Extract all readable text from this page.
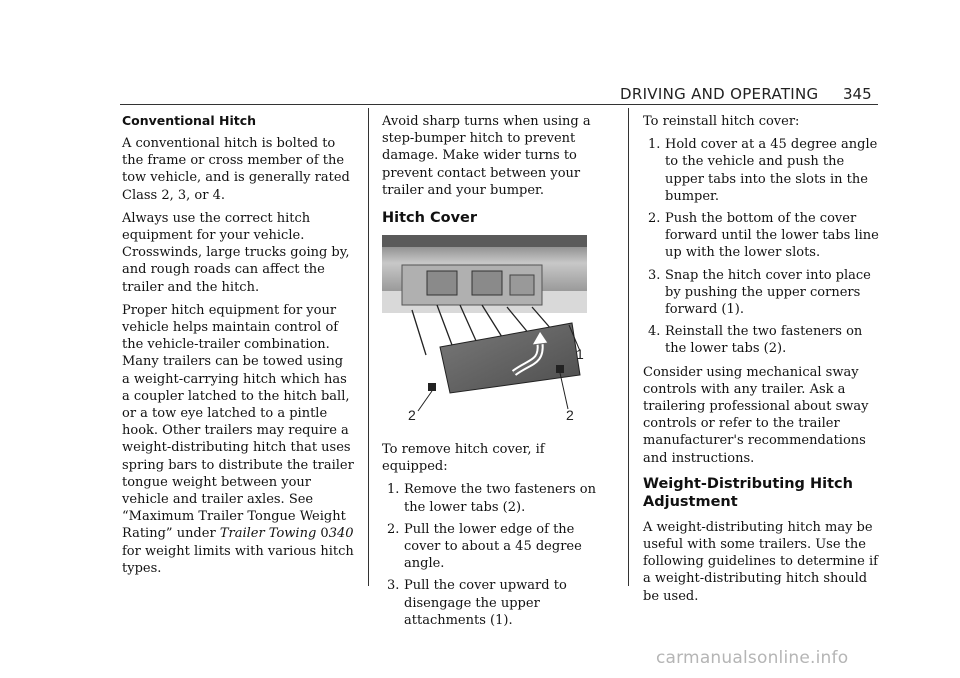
DRIVING AND OPERATING 345
Conventional Hitch

A conventional hitch is bolted to the frame or cross member of the tow vehicle, and is generally rated Class 2, 3, or 4.

Always use the correct hitch equipment for your vehicle. Crosswinds, large trucks going by, and rough roads can affect the trailer and the hitch.

Proper hitch equipment for your vehicle helps maintain control of the vehicle-trailer combination. Many trailers can be towed using a weight-carrying hitch which has a coupler latched to the hitch ball, or a tow eye latched to a pintle hook. Other trailers may require a weight-distributing hitch that uses spring bars to distribute the trailer tongue weight between your vehicle and trailer axles. See “Maximum Trailer Tongue Weight Rating” under Trailer Towing 0340 for weight limits with various hitch types.

Avoid sharp turns when using a step-bumper hitch to prevent damage. Make wider turns to prevent contact between your trailer and your bumper.

Hitch Cover
1
2	2

To remove hitch cover, if equipped:

1. Remove the two fasteners on the lower tabs (2).
2. Pull the lower edge of the cover to about a 45 degree angle.
3. Pull the cover upward to disengage the upper attachments (1).

To reinstall hitch cover:

1. Hold cover at a 45 degree angle to the vehicle and push the upper tabs into the slots in the bumper.
2. Push the bottom of the cover forward until the lower tabs line up with the lower slots.
3. Snap the hitch cover into place by pushing the upper corners forward (1).
4. Reinstall the two fasteners on the lower tabs (2).

Consider using mechanical sway controls with any trailer. Ask a trailering professional about sway controls or refer to the trailer manufacturer's recommendations and instructions.

Weight-Distributing Hitch Adjustment

A weight-distributing hitch may be useful with some trailers. Use the following guidelines to determine if a weight-distributing hitch should be used.

carmanualsonline.info
